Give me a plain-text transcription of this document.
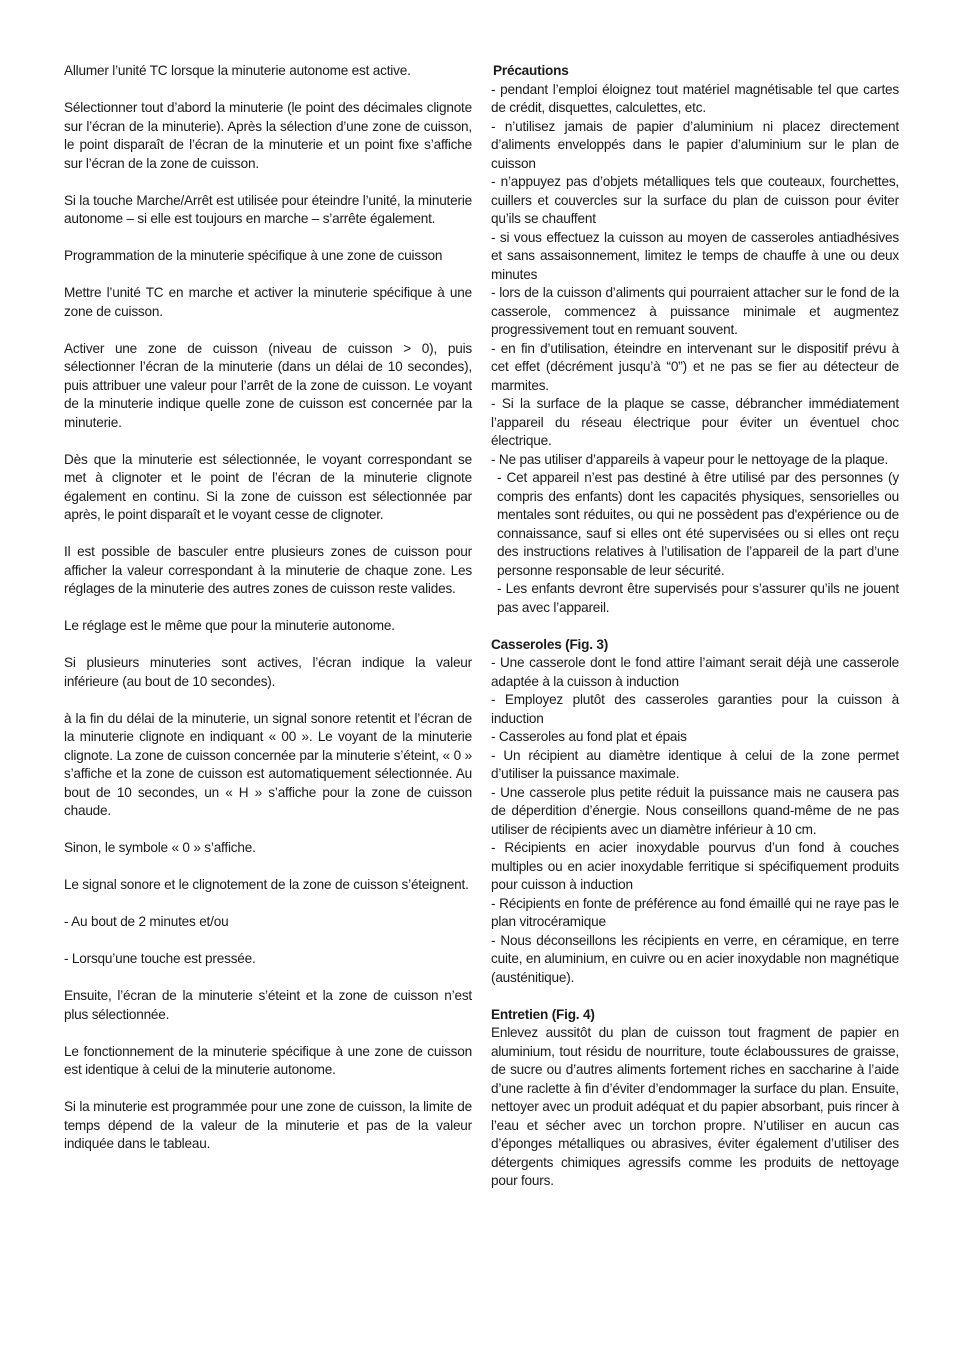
Allumer l’unité TC lorsque la minuterie autonome est active.

Sélectionner tout d’abord la minuterie (le point des décimales clignote sur l’écran de la minuterie). Après la sélection d’une zone de cuisson, le point disparaît de l’écran de la minuterie et un point fixe s’affiche sur l’écran de la zone de cuisson.

Si la touche Marche/Arrêt est utilisée pour éteindre l’unité, la minuterie autonome – si elle est toujours en marche – s’arrête également.

Programmation de la minuterie spécifique à une zone de cuisson

Mettre l’unité TC en marche et activer la minuterie spécifique à une zone de cuisson.

Activer une zone de cuisson (niveau de cuisson > 0), puis sélectionner l’écran de la minuterie (dans un délai de 10 secondes), puis attribuer une valeur pour l’arrêt de la zone de cuisson. Le voyant de la minuterie indique quelle zone de cuisson est concernée par la minuterie.

Dès que la minuterie est sélectionnée, le voyant correspondant se met à clignoter et le point de l’écran de la minuterie clignote également en continu. Si la zone de cuisson est sélectionnée par après, le point disparaît et le voyant cesse de clignoter.

Il est possible de basculer entre plusieurs zones de cuisson pour afficher la valeur correspondant à la minuterie de chaque zone. Les réglages de la minuterie des autres zones de cuisson reste valides.

Le réglage est le même que pour la minuterie autonome.

Si plusieurs minuteries sont actives, l’écran indique la valeur inférieure (au bout de 10 secondes).

à la fin du délai de la minuterie, un signal sonore retentit et l’écran de la minuterie clignote en indiquant « 00 ». Le voyant de la minuterie clignote. La zone de cuisson concernée par la minuterie s’éteint, « 0 » s’affiche et la zone de cuisson est automatiquement sélectionnée. Au bout de 10 secondes, un « H » s’affiche pour la zone de cuisson chaude.

Sinon, le symbole « 0 » s’affiche.

Le signal sonore et le clignotement de la zone de cuisson s’éteignent.

- Au bout de 2 minutes et/ou

- Lorsqu’une touche est pressée.

Ensuite, l’écran de la minuterie s’éteint et la zone de cuisson n’est plus sélectionnée.

Le fonctionnement de la minuterie spécifique à une zone de cuisson est identique à celui de la minuterie autonome.

Si la minuterie est programmée pour une zone de cuisson, la limite de temps dépend de la valeur de la minuterie et pas de la valeur indiquée dans le tableau.

Précautions

- pendant l’emploi éloignez tout matériel magnétisable tel que cartes de crédit, disquettes, calculettes, etc.

- n’utilisez jamais de papier d’aluminium ni placez directement d’aliments enveloppés dans le papier d’aluminium sur le plan de cuisson

- n’appuyez pas d’objets métalliques tels que couteaux, fourchettes, cuillers et couvercles sur la surface du plan de cuisson pour éviter qu’ils se chauffent

- si vous effectuez la cuisson au moyen de casseroles antiadhésives et sans assaisonnement, limitez le temps de chauffe à une ou deux minutes

- lors de la cuisson d’aliments qui pourraient attacher sur le fond de la casserole, commencez à puissance minimale et augmentez progressivement tout en remuant souvent.

- en fin d’utilisation, éteindre en intervenant sur le dispositif prévu à cet effet (décrément jusqu’à “0”) et ne pas se fier au détecteur de marmites.

- Si la surface de la plaque se casse, débrancher immédiatement l’appareil du réseau électrique pour éviter un éventuel choc électrique.

- Ne pas utiliser d’appareils à vapeur pour le nettoyage de la plaque.

- Cet appareil n’est pas destiné à être utilisé par des personnes (y compris des enfants) dont les capacités physiques, sensorielles ou mentales sont réduites, ou qui ne possèdent pas d'expérience ou de connaissance, sauf si elles ont été supervisées ou si elles ont reçu des instructions relatives à l’utilisation de l’appareil de la part d’une personne responsable de leur sécurité.

- Les enfants devront être supervisés pour s’assurer qu’ils ne jouent pas avec l’appareil.

Casseroles (Fig. 3)

- Une casserole dont le fond attire l’aimant serait déjà une casserole adaptée à la cuisson à induction

- Employez plutôt des casseroles garanties pour la cuisson à induction

- Casseroles au fond plat et épais

- Un récipient au diamètre identique à celui de la zone permet d’utiliser la puissance maximale.

- Une casserole plus petite réduit la puissance mais ne causera pas de déperdition d’énergie. Nous conseillons quand-même de ne pas utiliser de récipients avec un diamètre inférieur à 10 cm.

- Récipients en acier inoxydable pourvus d’un fond à couches multiples ou en acier inoxydable ferritique si spécifiquement produits pour cuisson à induction

- Récipients en fonte de préférence au fond émaillé qui ne raye pas le plan vitrocéramique

- Nous déconseillons les récipients en verre, en céramique, en terre cuite, en aluminium, en cuivre ou en acier inoxydable non magnétique (austénitique).

Entretien (Fig. 4)

Enlevez aussitôt du plan de cuisson tout fragment de papier en aluminium, tout résidu de nourriture, toute éclaboussures de graisse, de sucre ou d’autres aliments fortement riches en saccharine à l’aide d’une raclette à fin d’éviter d’endommager la surface du plan. Ensuite, nettoyer avec un produit adéquat et du papier absorbant, puis rincer à l’eau et sécher avec un torchon propre. N’utiliser en aucun cas d’éponges métalliques ou abrasives, éviter également d’utiliser des détergents chimiques agressifs comme les produits de nettoyage pour fours.
